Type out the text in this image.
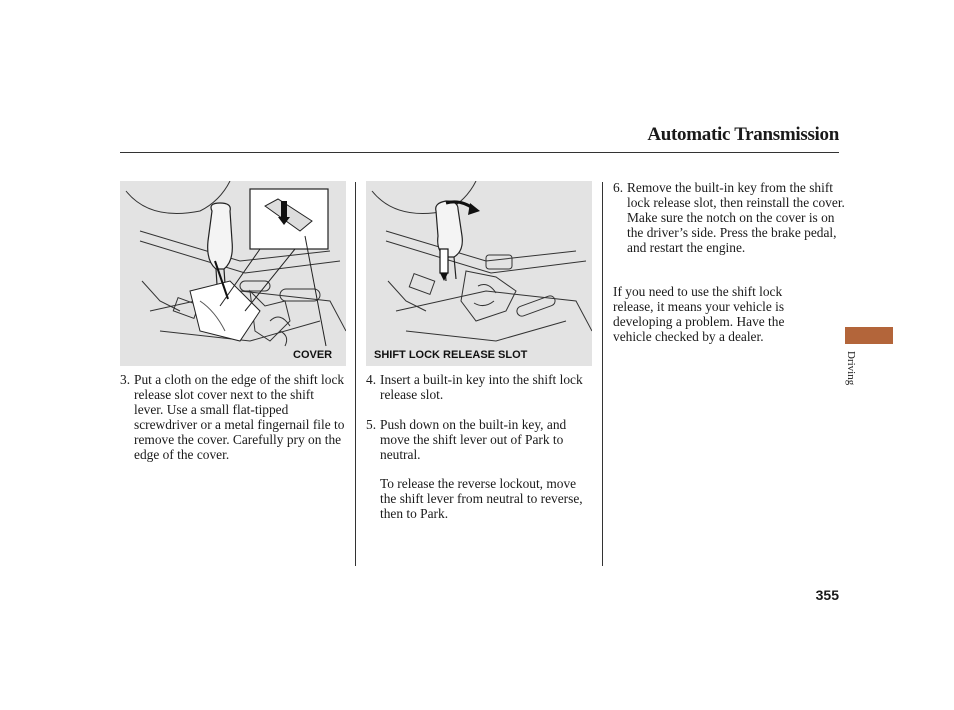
Automatic Transmission
COVER	SHIFT LOCK RELEASE SLOT
3. Put a cloth on the edge of the shift lock release slot cover next to the shift lever. Use a small flat-tipped screwdriver or a metal fingernail file to remove the cover. Carefully pry on the edge of the cover.
4. Insert a built-in key into the shift lock release slot.
5. Push down on the built-in key, and move the shift lever out of Park to neutral.
To release the reverse lockout, move the shift lever from neutral to reverse, then to Park.
6. Remove the built-in key from the shift lock release slot, then reinstall the cover. Make sure the notch on the cover is on the driver’s side. Press the brake pedal, and restart the engine.
If you need to use the shift lock release, it means your vehicle is developing a problem. Have the vehicle checked by a dealer.
Driving
355
